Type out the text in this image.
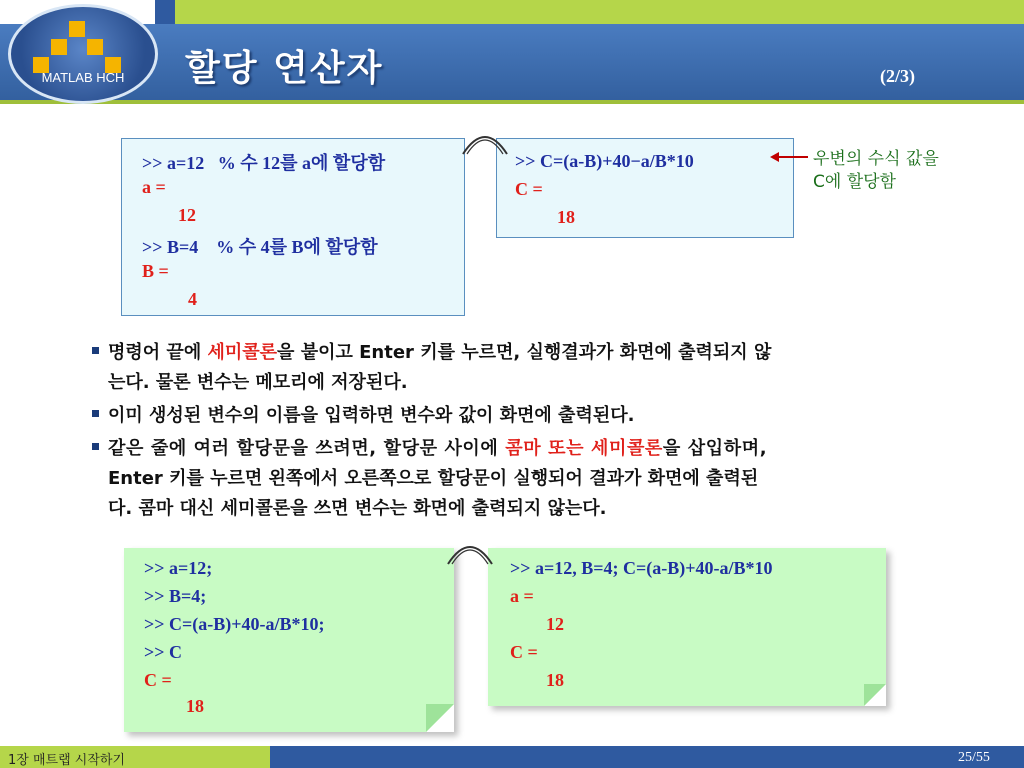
MATLAB HCH	할당 연산자	(2/3)
>> a=12   % 수 12를 a에 할당함
a =
12
>> B=4    % 수 4를 B에 할당함
B =
4
>> C=(a-B)+40−a/B*10
C =
18
우변의 수식 값을
C에 할당함
명령어 끝에 세미콜론을 붙이고 Enter 키를 누르면, 실행결과가 화면에 출력되지 않
는다. 물론 변수는 메모리에 저장된다.
이미 생성된 변수의 이름을 입력하면 변수와 값이 화면에 출력된다.
같은 줄에 여러 할당문을 쓰려면, 할당문 사이에 콤마 또는 세미콜론을 삽입하며,
Enter 키를 누르면 왼쪽에서 오른쪽으로 할당문이 실행되어 결과가 화면에 출력된
다. 콤마 대신 세미콜론을 쓰면 변수는 화면에 출력되지 않는다.
>> a=12;
>> B=4;
>> C=(a-B)+40-a/B*10;
>> C
C =
18
>> a=12, B=4; C=(a-B)+40-a/B*10
a =
12
C =
18
1장 매트랩 시작하기	25/55
